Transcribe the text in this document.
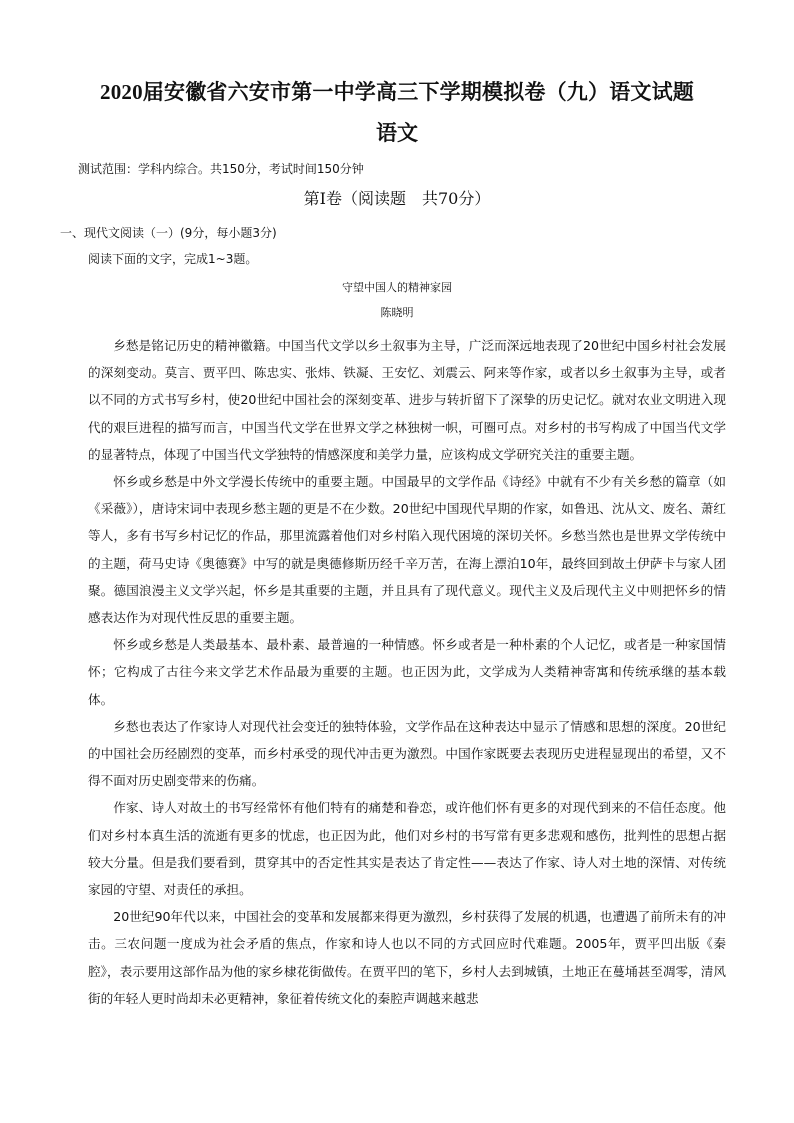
2020届安徽省六安市第一中学高三下学期模拟卷（九）语文试题
语文
测试范围：学科内综合。共150分，考试时间150分钟
第Ⅰ卷（阅读题　共70分）
一、现代文阅读（一）(9分，每小题3分)
阅读下面的文字，完成1~3题。
守望中国人的精神家园
陈晓明

乡愁是铭记历史的精神徽籍。中国当代文学以乡土叙事为主导，广泛而深远地表现了20世纪中国乡村社会发展的深刻变动。莫言、贾平凹、陈忠实、张炜、铁凝、王安忆、刘震云、阿来等作家，或者以乡土叙事为主导，或者以不同的方式书写乡村，使20世纪中国社会的深刻变革、进步与转折留下了深挚的历史记忆。就对农业文明进入现代的艰巨进程的描写而言，中国当代文学在世界文学之林独树一帜，可圈可点。对乡村的书写构成了中国当代文学的显著特点，体现了中国当代文学独特的情感深度和美学力量，应该构成文学研究关注的重要主题。

怀乡或乡愁是中外文学漫长传统中的重要主题。中国最早的文学作品《诗经》中就有不少有关乡愁的篇章（如《采薇》），唐诗宋词中表现乡愁主题的更是不在少数。20世纪中国现代早期的作家，如鲁迅、沈从文、废名、萧红等人，多有书写乡村记忆的作品，那里流露着他们对乡村陷入现代困境的深切关怀。乡愁当然也是世界文学传统中的主题，荷马史诗《奥德赛》中写的就是奥德修斯历经千辛万苦，在海上漂泊10年，最终回到故土伊萨卡与家人团聚。德国浪漫主义文学兴起，怀乡是其重要的主题，并且具有了现代意义。现代主义及后现代主义中则把怀乡的情感表达作为对现代性反思的重要主题。

怀乡或乡愁是人类最基本、最朴素、最普遍的一种情感。怀乡或者是一种朴素的个人记忆，或者是一种家国情怀；它构成了古往今来文学艺术作品最为重要的主题。也正因为此，文学成为人类精神寄寓和传统承继的基本载体。

乡愁也表达了作家诗人对现代社会变迁的独特体验，文学作品在这种表达中显示了情感和思想的深度。20世纪的中国社会历经剧烈的变革，而乡村承受的现代冲击更为激烈。中国作家既要去表现历史进程显现出的希望，又不得不面对历史剧变带来的伤痛。

作家、诗人对故土的书写经常怀有他们特有的痛楚和眷恋，或许他们怀有更多的对现代到来的不信任态度。他们对乡村本真生活的流逝有更多的忧虑，也正因为此，他们对乡村的书写常有更多悲观和感伤，批判性的思想占据较大分量。但是我们要看到，贯穿其中的否定性其实是表达了肯定性——表达了作家、诗人对土地的深情、对传统家园的守望、对责任的承担。

20世纪90年代以来，中国社会的变革和发展都来得更为激烈，乡村获得了发展的机遇，也遭遇了前所未有的冲击。三农问题一度成为社会矛盾的焦点，作家和诗人也以不同的方式回应时代难题。2005年，贾平凹出版《秦腔》，表示要用这部作品为他的家乡棣花街做传。在贾平凹的笔下，乡村人去到城镇，土地正在蔓埇甚至凋零，清风街的年轻人更时尚却未必更精神，象征着传统文化的秦腔声调越来越悲
